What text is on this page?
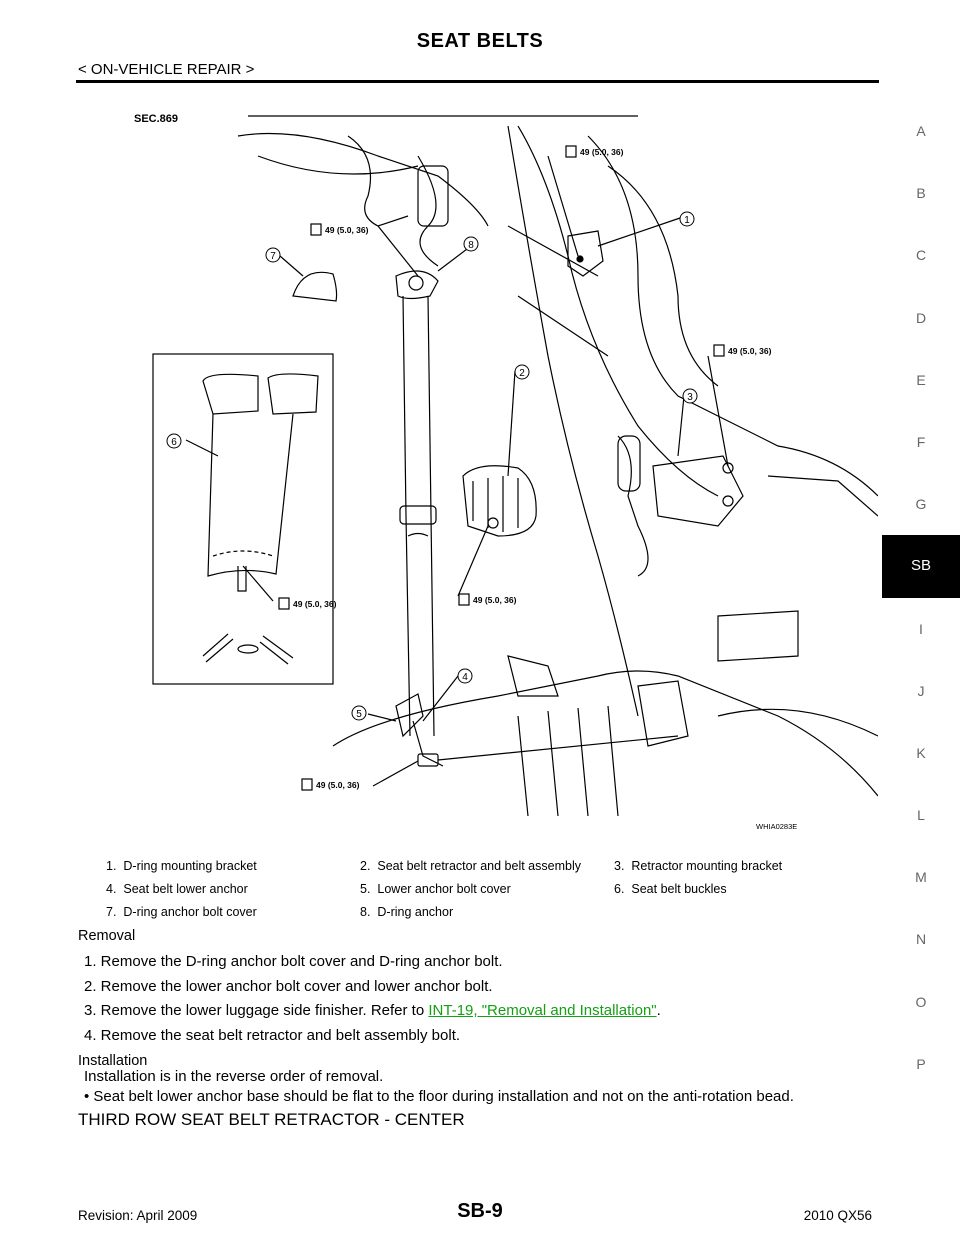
SEAT BELTS
< ON-VEHICLE REPAIR >
A
B
C
D
E
F
G
SB
I
J
K
L
M
N
O
P
SEC.869
1
2
3
4
5
6
7
8
49 (5.0, 36)
49 (5.0, 36)
49 (5.0, 36)
49 (5.0, 36)
49 (5.0, 36)
49 (5.0, 36)
WHIA0283E
1. D-ring mounting bracket	2. Seat belt retractor and belt assembly	3. Retractor mounting bracket
4. Seat belt lower anchor	5. Lower anchor bolt cover	6. Seat belt buckles
7. D-ring anchor bolt cover	8. D-ring anchor	
Removal
1. Remove the D-ring anchor bolt cover and D-ring anchor bolt.
2. Remove the lower anchor bolt cover and lower anchor bolt.
3. Remove the lower luggage side finisher. Refer to INT-19, "Removal and Installation".
4. Remove the seat belt retractor and belt assembly bolt.
Installation
Installation is in the reverse order of removal.
• Seat belt lower anchor base should be flat to the floor during installation and not on the anti-rotation bead.
THIRD ROW SEAT BELT RETRACTOR - CENTER
Revision: April 2009	SB-9	2010 QX56
